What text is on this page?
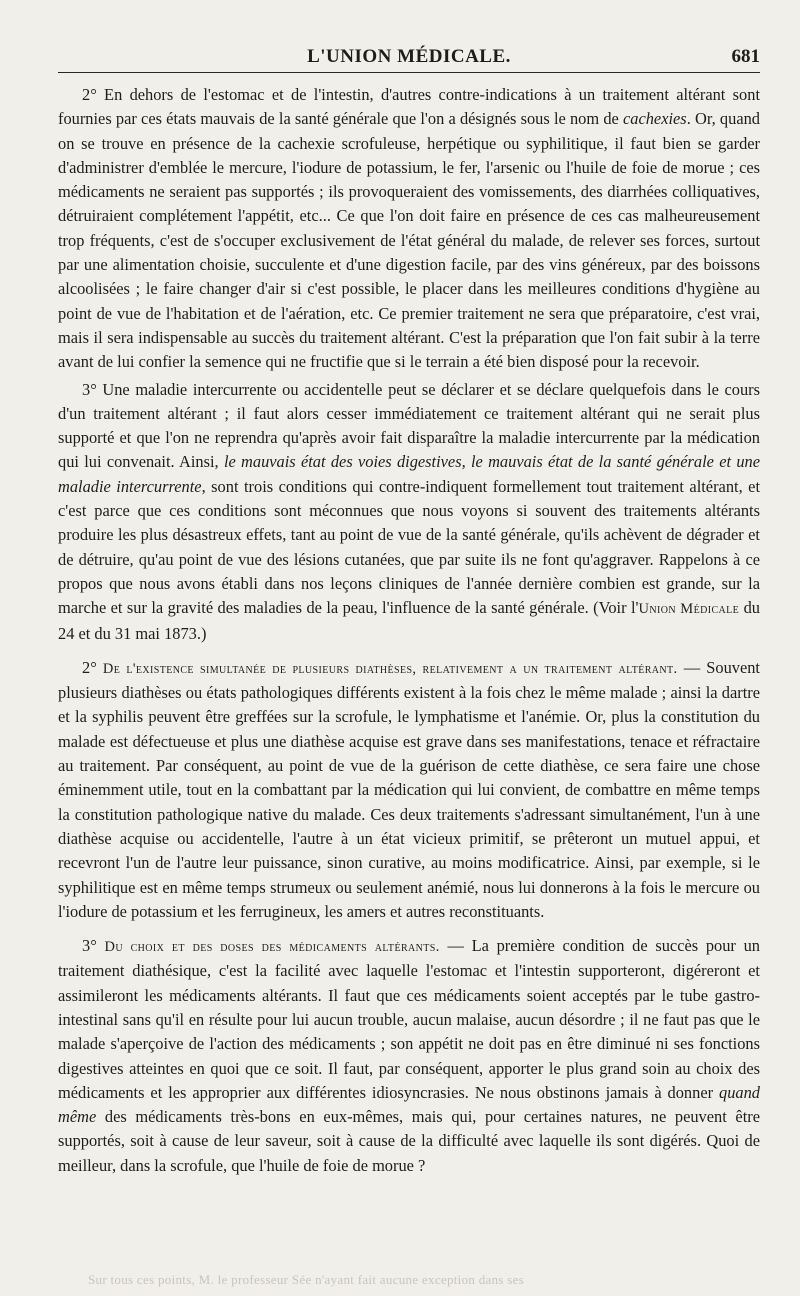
L'UNION MÉDICALE.	681

2° En dehors de l'estomac et de l'intestin, d'autres contre-indications à un traitement altérant sont fournies par ces états mauvais de la santé générale que l'on a désignés sous le nom de cachexies. Or, quand on se trouve en présence de la cachexie scrofuleuse, herpétique ou syphilitique, il faut bien se garder d'administrer d'emblée le mercure, l'iodure de potassium, le fer, l'arsenic ou l'huile de foie de morue ; ces médicaments ne seraient pas supportés ; ils provoqueraient des vomissements, des diarrhées colliquatives, détruiraient complétement l'appétit, etc... Ce que l'on doit faire en présence de ces cas malheureusement trop fréquents, c'est de s'occuper exclusivement de l'état général du malade, de relever ses forces, surtout par une alimentation choisie, succulente et d'une digestion facile, par des vins généreux, par des boissons alcoolisées ; le faire changer d'air si c'est possible, le placer dans les meilleures conditions d'hygiène au point de vue de l'habitation et de l'aération, etc. Ce premier traitement ne sera que préparatoire, c'est vrai, mais il sera indispensable au succès du traitement altérant. C'est la préparation que l'on fait subir à la terre avant de lui confier la semence qui ne fructifie que si le terrain a été bien disposé pour la recevoir.

3° Une maladie intercurrente ou accidentelle peut se déclarer et se déclare quelquefois dans le cours d'un traitement altérant ; il faut alors cesser immédiatement ce traitement altérant qui ne serait plus supporté et que l'on ne reprendra qu'après avoir fait disparaître la maladie intercurrente par la médication qui lui convenait. Ainsi, le mauvais état des voies digestives, le mauvais état de la santé générale et une maladie intercurrente, sont trois conditions qui contre-indiquent formellement tout traitement altérant, et c'est parce que ces conditions sont méconnues que nous voyons si souvent des traitements altérants produire les plus désastreux effets, tant au point de vue de la santé générale, qu'ils achèvent de dégrader et de détruire, qu'au point de vue des lésions cutanées, que par suite ils ne font qu'aggraver. Rappelons à ce propos que nous avons établi dans nos leçons cliniques de l'année dernière combien est grande, sur la marche et sur la gravité des maladies de la peau, l'influence de la santé générale. (Voir l'Union Médicale du 24 et du 31 mai 1873.)

2° De l'existence simultanée de plusieurs diathèses, relativement a un traitement altérant. — Souvent plusieurs diathèses ou états pathologiques différents existent à la fois chez le même malade ; ainsi la dartre et la syphilis peuvent être greffées sur la scrofule, le lymphatisme et l'anémie. Or, plus la constitution du malade est défectueuse et plus une diathèse acquise est grave dans ses manifestations, tenace et réfractaire au traitement. Par conséquent, au point de vue de la guérison de cette diathèse, ce sera faire une chose éminemment utile, tout en la combattant par la médication qui lui convient, de combattre en même temps la constitution pathologique native du malade. Ces deux traitements s'adressant simultanément, l'un à une diathèse acquise ou accidentelle, l'autre à un état vicieux primitif, se prêteront un mutuel appui, et recevront l'un de l'autre leur puissance, sinon curative, au moins modificatrice. Ainsi, par exemple, si le syphilitique est en même temps strumeux ou seulement anémié, nous lui donnerons à la fois le mercure ou l'iodure de potassium et les ferrugineux, les amers et autres reconstituants.

3° Du choix et des doses des médicaments altérants. — La première condition de succès pour un traitement diathésique, c'est la facilité avec laquelle l'estomac et l'intestin supporteront, digéreront et assimileront les médicaments altérants. Il faut que ces médicaments soient acceptés par le tube gastro-intestinal sans qu'il en résulte pour lui aucun trouble, aucun malaise, aucun désordre ; il ne faut pas que le malade s'aperçoive de l'action des médicaments ; son appétit ne doit pas en être diminué ni ses fonctions digestives atteintes en quoi que ce soit. Il faut, par conséquent, apporter le plus grand soin au choix des médicaments et les approprier aux différentes idiosyncrasies. Ne nous obstinons jamais à donner quand même des médicaments très-bons en eux-mêmes, mais qui, pour certaines natures, ne peuvent être supportés, soit à cause de leur saveur, soit à cause de la difficulté avec laquelle ils sont digérés. Quoi de meilleur, dans la scrofule, que l'huile de foie de morue ?

Sur tous ces points, M. le professeur Sée n'ayant fait aucune exception dans ses
